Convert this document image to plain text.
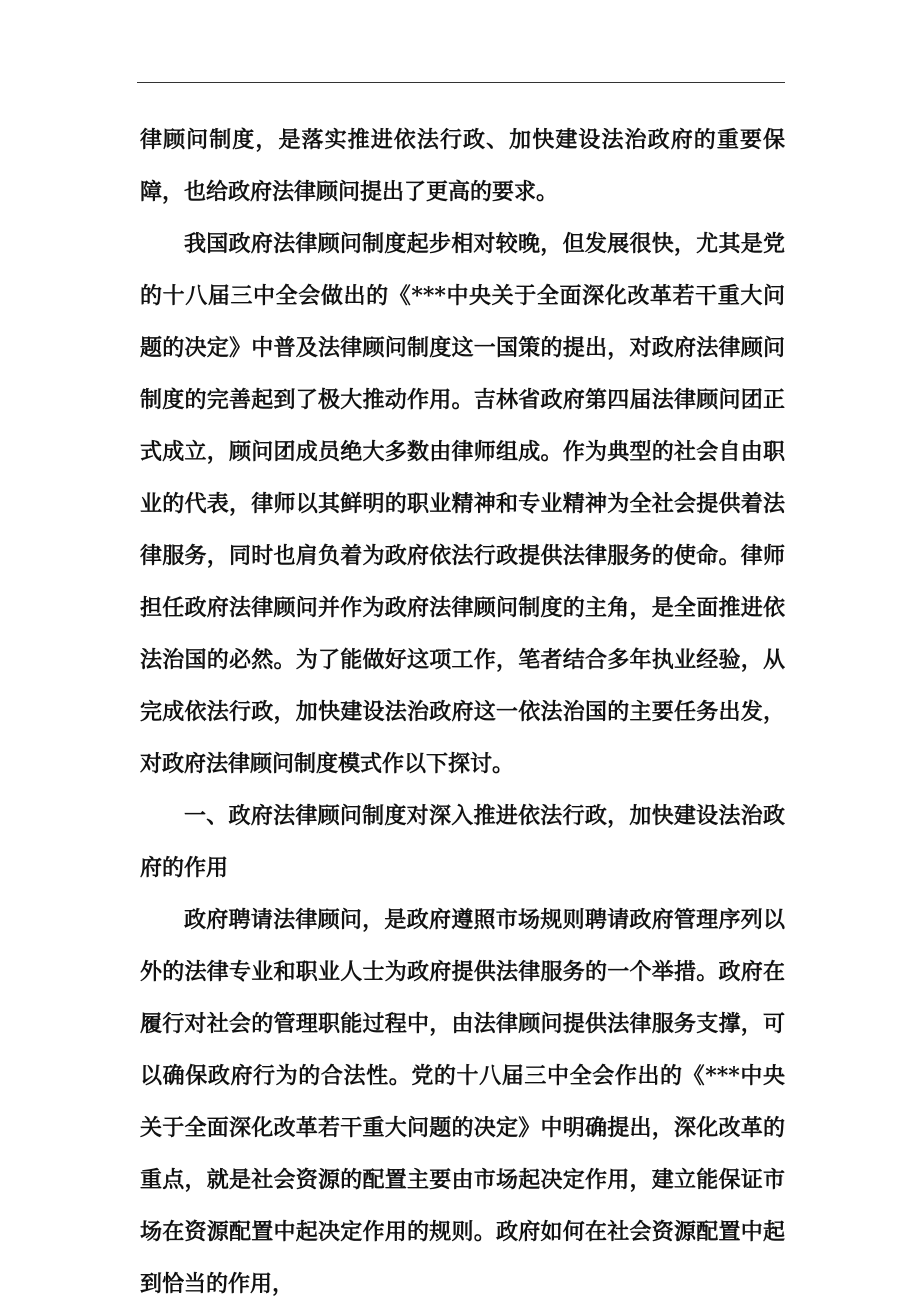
律顾问制度，是落实推进依法行政、加快建设法治政府的重要保障，也给政府法律顾问提出了更高的要求。

我国政府法律顾问制度起步相对较晚，但发展很快，尤其是党的十八届三中全会做出的《***中央关于全面深化改革若干重大问题的决定》中普及法律顾问制度这一国策的提出，对政府法律顾问制度的完善起到了极大推动作用。吉林省政府第四届法律顾问团正式成立，顾问团成员绝大多数由律师组成。作为典型的社会自由职业的代表，律师以其鲜明的职业精神和专业精神为全社会提供着法律服务，同时也肩负着为政府依法行政提供法律服务的使命。律师担任政府法律顾问并作为政府法律顾问制度的主角，是全面推进依法治国的必然。为了能做好这项工作，笔者结合多年执业经验，从完成依法行政，加快建设法治政府这一依法治国的主要任务出发，对政府法律顾问制度模式作以下探讨。

一、政府法律顾问制度对深入推进依法行政，加快建设法治政府的作用

政府聘请法律顾问，是政府遵照市场规则聘请政府管理序列以外的法律专业和职业人士为政府提供法律服务的一个举措。政府在履行对社会的管理职能过程中，由法律顾问提供法律服务支撑，可以确保政府行为的合法性。党的十八届三中全会作出的《***中央关于全面深化改革若干重大问题的决定》中明确提出，深化改革的重点，就是社会资源的配置主要由市场起决定作用，建立能保证市场在资源配置中起决定作用的规则。政府如何在社会资源配置中起到恰当的作用，
